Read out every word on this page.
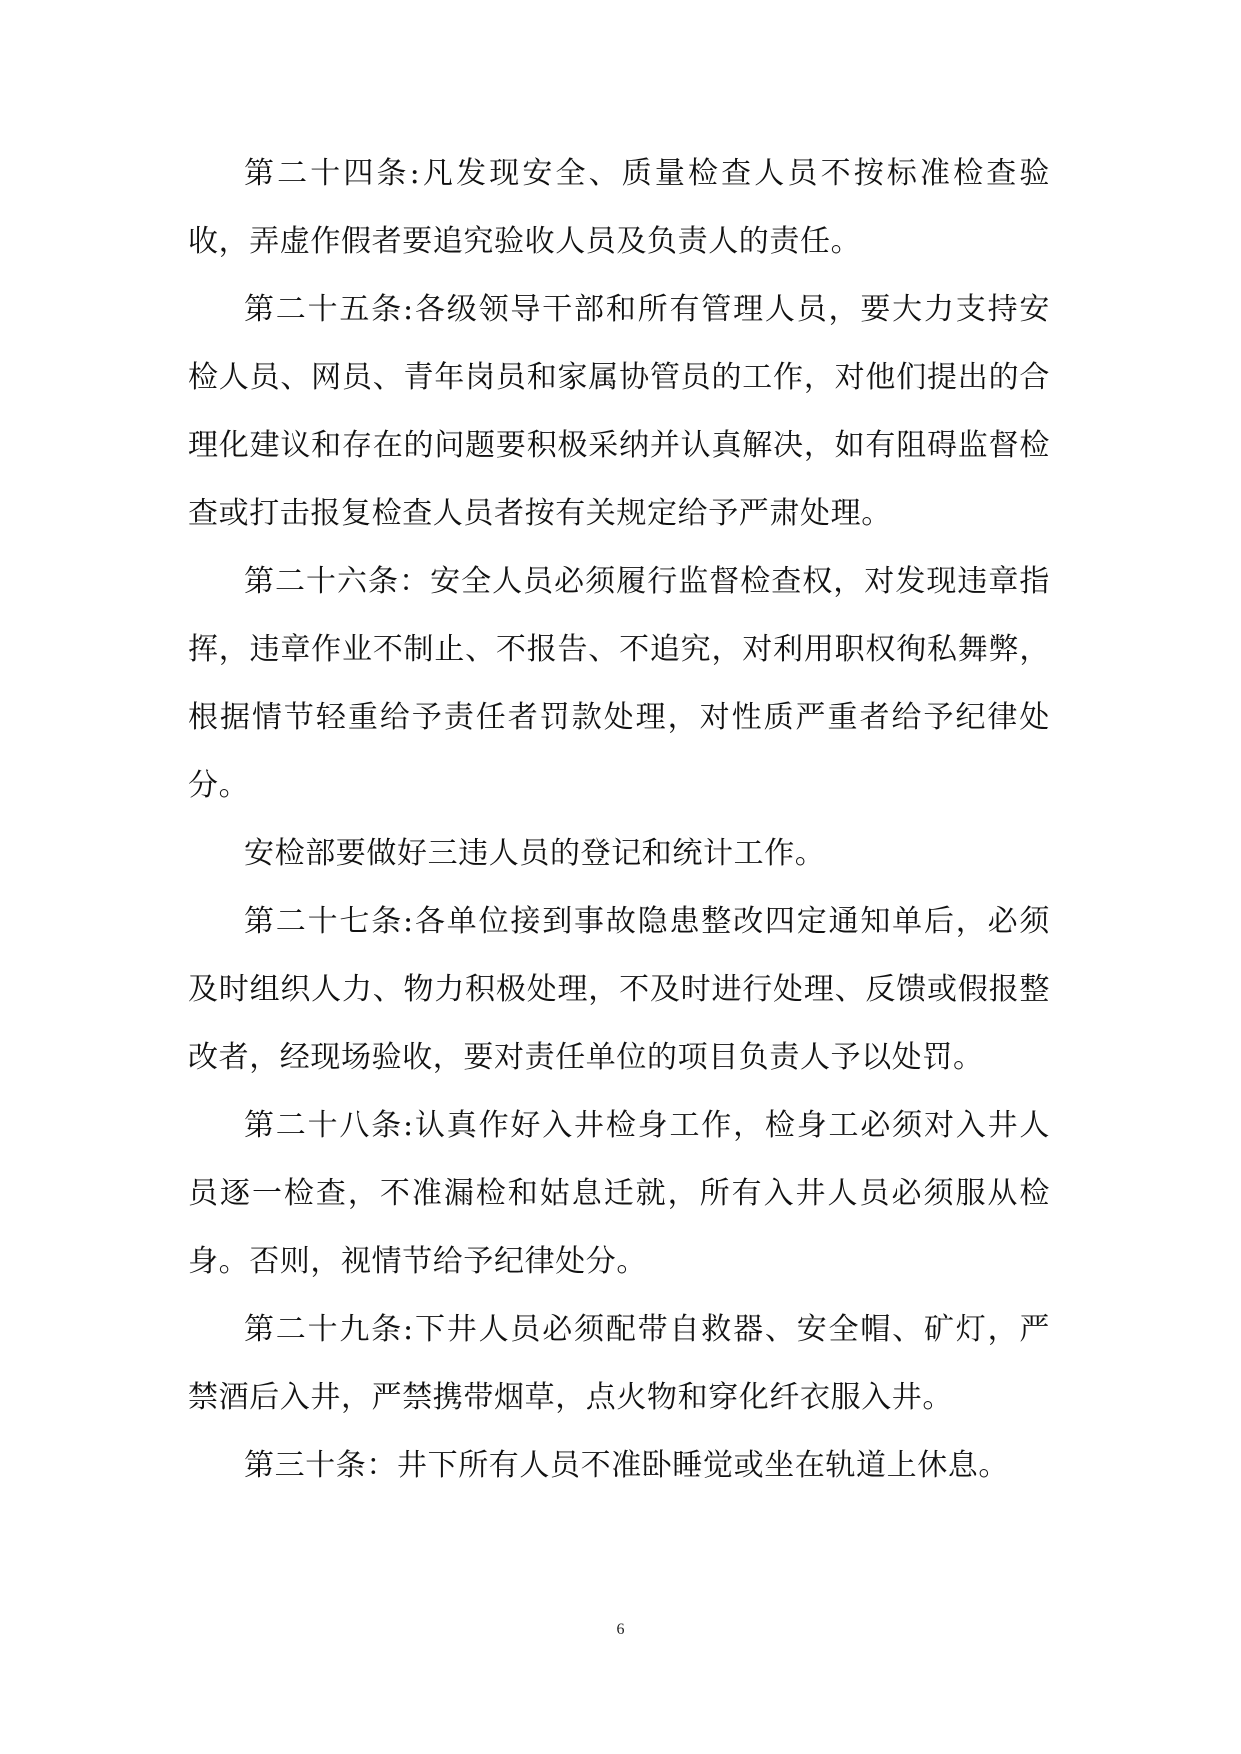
第二十四条:凡发现安全、质量检查人员不按标准检查验收，弄虚作假者要追究验收人员及负责人的责任。

第二十五条:各级领导干部和所有管理人员，要大力支持安检人员、网员、青年岗员和家属协管员的工作，对他们提出的合理化建议和存在的问题要积极采纳并认真解决，如有阻碍监督检查或打击报复检查人员者按有关规定给予严肃处理。

第二十六条：安全人员必须履行监督检查权，对发现违章指挥，违章作业不制止、不报告、不追究，对利用职权徇私舞弊，根据情节轻重给予责任者罚款处理，对性质严重者给予纪律处分。

安检部要做好三违人员的登记和统计工作。

第二十七条:各单位接到事故隐患整改四定通知单后，必须及时组织人力、物力积极处理，不及时进行处理、反馈或假报整改者，经现场验收，要对责任单位的项目负责人予以处罚。

第二十八条:认真作好入井检身工作，检身工必须对入井人员逐一检查，不准漏检和姑息迁就，所有入井人员必须服从检身。否则，视情节给予纪律处分。

第二十九条:下井人员必须配带自救器、安全帽、矿灯，严禁酒后入井，严禁携带烟草，点火物和穿化纤衣服入井。

第三十条：井下所有人员不准卧睡觉或坐在轨道上休息。

6
